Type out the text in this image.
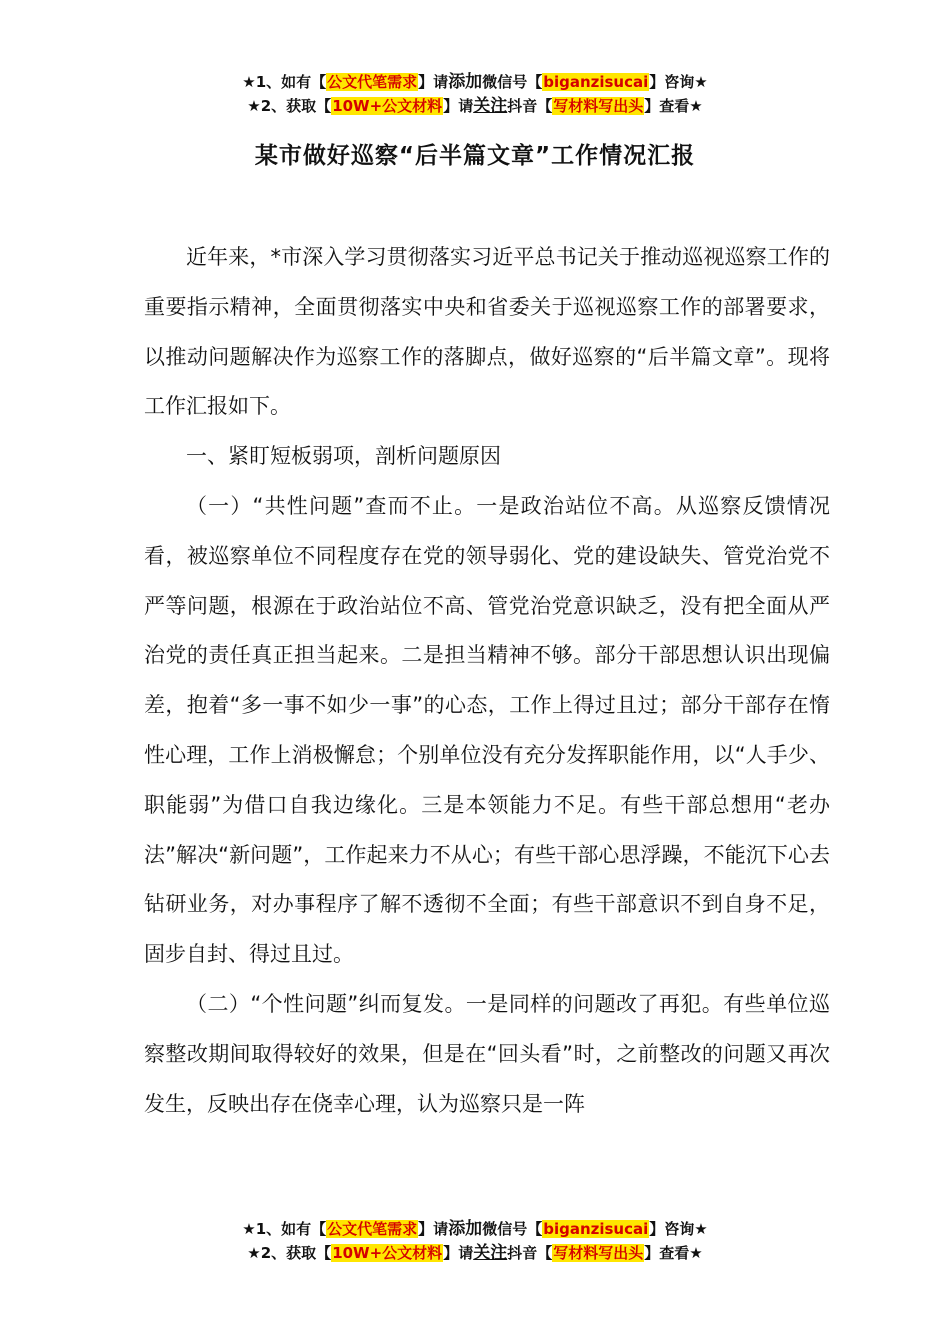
★1、如有【公文代笔需求】请添加微信号【biganzisucai】咨询★
★2、获取【10W+公文材料】请关注抖音【写材料写出头】查看★
某市做好巡察“后半篇文章”工作情况汇报

近年来，*市深入学习贯彻落实习近平总书记关于推动巡视巡察工作的重要指示精神，全面贯彻落实中央和省委关于巡视巡察工作的部署要求，以推动问题解决作为巡察工作的落脚点，做好巡察的“后半篇文章”。现将工作汇报如下。

一、紧盯短板弱项，剖析问题原因

（一）“共性问题”查而不止。一是政治站位不高。从巡察反馈情况看，被巡察单位不同程度存在党的领导弱化、党的建设缺失、管党治党不严等问题，根源在于政治站位不高、管党治党意识缺乏，没有把全面从严治党的责任真正担当起来。二是担当精神不够。部分干部思想认识出现偏差，抱着“多一事不如少一事”的心态，工作上得过且过；部分干部存在惰性心理，工作上消极懈怠；个别单位没有充分发挥职能作用，以“人手少、职能弱”为借口自我边缘化。三是本领能力不足。有些干部总想用“老办法”解决“新问题”，工作起来力不从心；有些干部心思浮躁，不能沉下心去钻研业务，对办事程序了解不透彻不全面；有些干部意识不到自身不足，固步自封、得过且过。

（二）“个性问题”纠而复发。一是同样的问题改了再犯。有些单位巡察整改期间取得较好的效果，但是在“回头看”时，之前整改的问题又再次发生，反映出存在侥幸心理，认为巡察只是一阵

★1、如有【公文代笔需求】请添加微信号【biganzisucai】咨询★
★2、获取【10W+公文材料】请关注抖音【写材料写出头】查看★
